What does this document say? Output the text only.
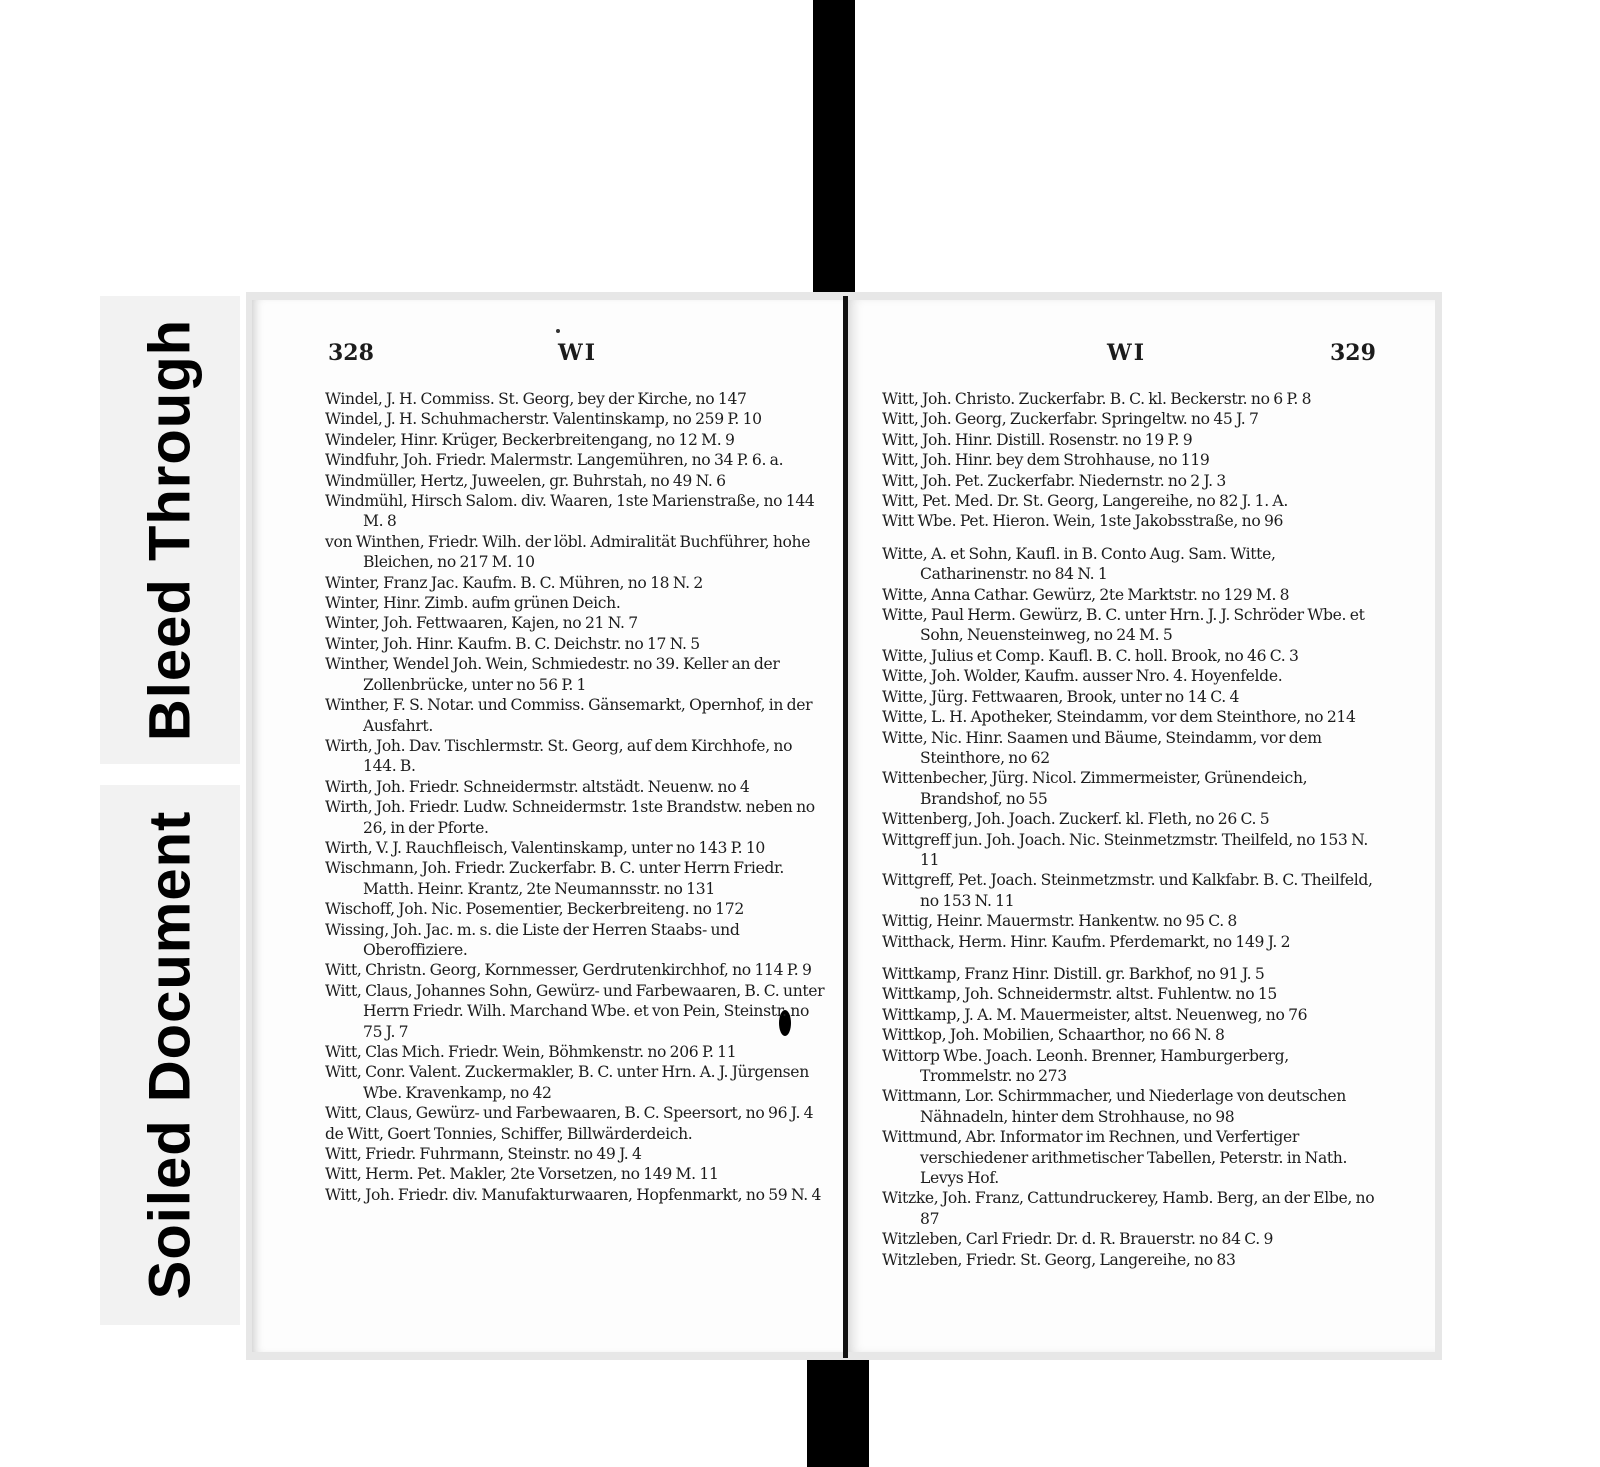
Bleed Through
Soiled Document
328	WI	WI	329
Windel, J. H. Commiss. St. Georg, bey der Kirche, no 147
Windel, J. H. Schuhmacherstr. Valentinskamp, no 259 P. 10
Windeler, Hinr. Krüger, Beckerbreitengang, no 12 M. 9
Windfuhr, Joh. Friedr. Malermstr. Langemühren, no 34 P. 6. a.
Windmüller, Hertz, Juweelen, gr. Buhrstah, no 49 N. 6
Windmühl, Hirsch Salom. div. Waaren, 1ste Marienstraße, no 144 M. 8
von Winthen, Friedr. Wilh. der löbl. Admiralität Buchführer, hohe Bleichen, no 217 M. 10
Winter, Franz Jac. Kaufm. B. C. Mühren, no 18 N. 2
Winter, Hinr. Zimb. aufm grünen Deich.
Winter, Joh. Fettwaaren, Kajen, no 21 N. 7
Winter, Joh. Hinr. Kaufm. B. C. Deichstr. no 17 N. 5
Winther, Wendel Joh. Wein, Schmiedestr. no 39. Keller an der Zollenbrücke, unter no 56 P. 1
Winther, F. S. Notar. und Commiss. Gänsemarkt, Opernhof, in der Ausfahrt.
Wirth, Joh. Dav. Tischlermstr. St. Georg, auf dem Kirchhofe, no 144. B.
Wirth, Joh. Friedr. Schneidermstr. altstädt. Neuenw. no 4
Wirth, Joh. Friedr. Ludw. Schneidermstr. 1ste Brandstw. neben no 26, in der Pforte.
Wirth, V. J. Rauchfleisch, Valentinskamp, unter no 143 P. 10
Wischmann, Joh. Friedr. Zuckerfabr. B. C. unter Herrn Friedr. Matth. Heinr. Krantz, 2te Neumannsstr. no 131
Wischoff, Joh. Nic. Posementier, Beckerbreiteng. no 172
Wissing, Joh. Jac. m. s. die Liste der Herren Staabs- und Oberoffiziere.
Witt, Christn. Georg, Kornmesser, Gerdrutenkirchhof, no 114 P. 9
Witt, Claus, Johannes Sohn, Gewürz- und Farbewaaren, B. C. unter Herrn Friedr. Wilh. Marchand Wbe. et von Pein, Steinstr. no 75 J. 7
Witt, Clas Mich. Friedr. Wein, Böhmkenstr. no 206 P. 11
Witt, Conr. Valent. Zuckermakler, B. C. unter Hrn. A. J. Jürgensen Wbe. Kravenkamp, no 42
Witt, Claus, Gewürz- und Farbewaaren, B. C. Speersort, no 96 J. 4
de Witt, Goert Tonnies, Schiffer, Billwärderdeich.
Witt, Friedr. Fuhrmann, Steinstr. no 49 J. 4
Witt, Herm. Pet. Makler, 2te Vorsetzen, no 149 M. 11
Witt, Joh. Friedr. div. Manufakturwaaren, Hopfenmarkt, no 59 N. 4
Witt, Joh. Christo. Zuckerfabr. B. C. kl. Beckerstr. no 6 P. 8
Witt, Joh. Georg, Zuckerfabr. Springeltw. no 45 J. 7
Witt, Joh. Hinr. Distill. Rosenstr. no 19 P. 9
Witt, Joh. Hinr. bey dem Strohhause, no 119
Witt, Joh. Pet. Zuckerfabr. Niedernstr. no 2 J. 3
Witt, Pet. Med. Dr. St. Georg, Langereihe, no 82 J. 1. A.
Witt Wbe. Pet. Hieron. Wein, 1ste Jakobsstraße, no 96
Witte, A. et Sohn, Kaufl. in B. Conto Aug. Sam. Witte, Catharinenstr. no 84 N. 1
Witte, Anna Cathar. Gewürz, 2te Marktstr. no 129 M. 8
Witte, Paul Herm. Gewürz, B. C. unter Hrn. J. J. Schröder Wbe. et Sohn, Neuensteinweg, no 24 M. 5
Witte, Julius et Comp. Kaufl. B. C. holl. Brook, no 46 C. 3
Witte, Joh. Wolder, Kaufm. ausser Nro. 4. Hoyenfelde.
Witte, Jürg. Fettwaaren, Brook, unter no 14 C. 4
Witte, L. H. Apotheker, Steindamm, vor dem Steinthore, no 214
Witte, Nic. Hinr. Saamen und Bäume, Steindamm, vor dem Steinthore, no 62
Wittenbecher, Jürg. Nicol. Zimmermeister, Grünendeich, Brandshof, no 55
Wittenberg, Joh. Joach. Zuckerf. kl. Fleth, no 26 C. 5
Wittgreff jun. Joh. Joach. Nic. Steinmetzmstr. Theilfeld, no 153 N. 11
Wittgreff, Pet. Joach. Steinmetzmstr. und Kalkfabr. B. C. Theilfeld, no 153 N. 11
Wittig, Heinr. Mauermstr. Hankentw. no 95 C. 8
Witthack, Herm. Hinr. Kaufm. Pferdemarkt, no 149 J. 2
Wittkamp, Franz Hinr. Distill. gr. Barkhof, no 91 J. 5
Wittkamp, Joh. Schneidermstr. altst. Fuhlentw. no 15
Wittkamp, J. A. M. Mauermeister, altst. Neuenweg, no 76
Wittkop, Joh. Mobilien, Schaarthor, no 66 N. 8
Wittorp Wbe. Joach. Leonh. Brenner, Hamburgerberg, Trommelstr. no 273
Wittmann, Lor. Schirmmacher, und Niederlage von deutschen Nähnadeln, hinter dem Strohhause, no 98
Wittmund, Abr. Informator im Rechnen, und Verfertiger verschiedener arithmetischer Tabellen, Peterstr. in Nath. Levys Hof.
Witzke, Joh. Franz, Cattundruckerey, Hamb. Berg, an der Elbe, no 87
Witzleben, Carl Friedr. Dr. d. R. Brauerstr. no 84 C. 9
Witzleben, Friedr. St. Georg, Langereihe, no 83
